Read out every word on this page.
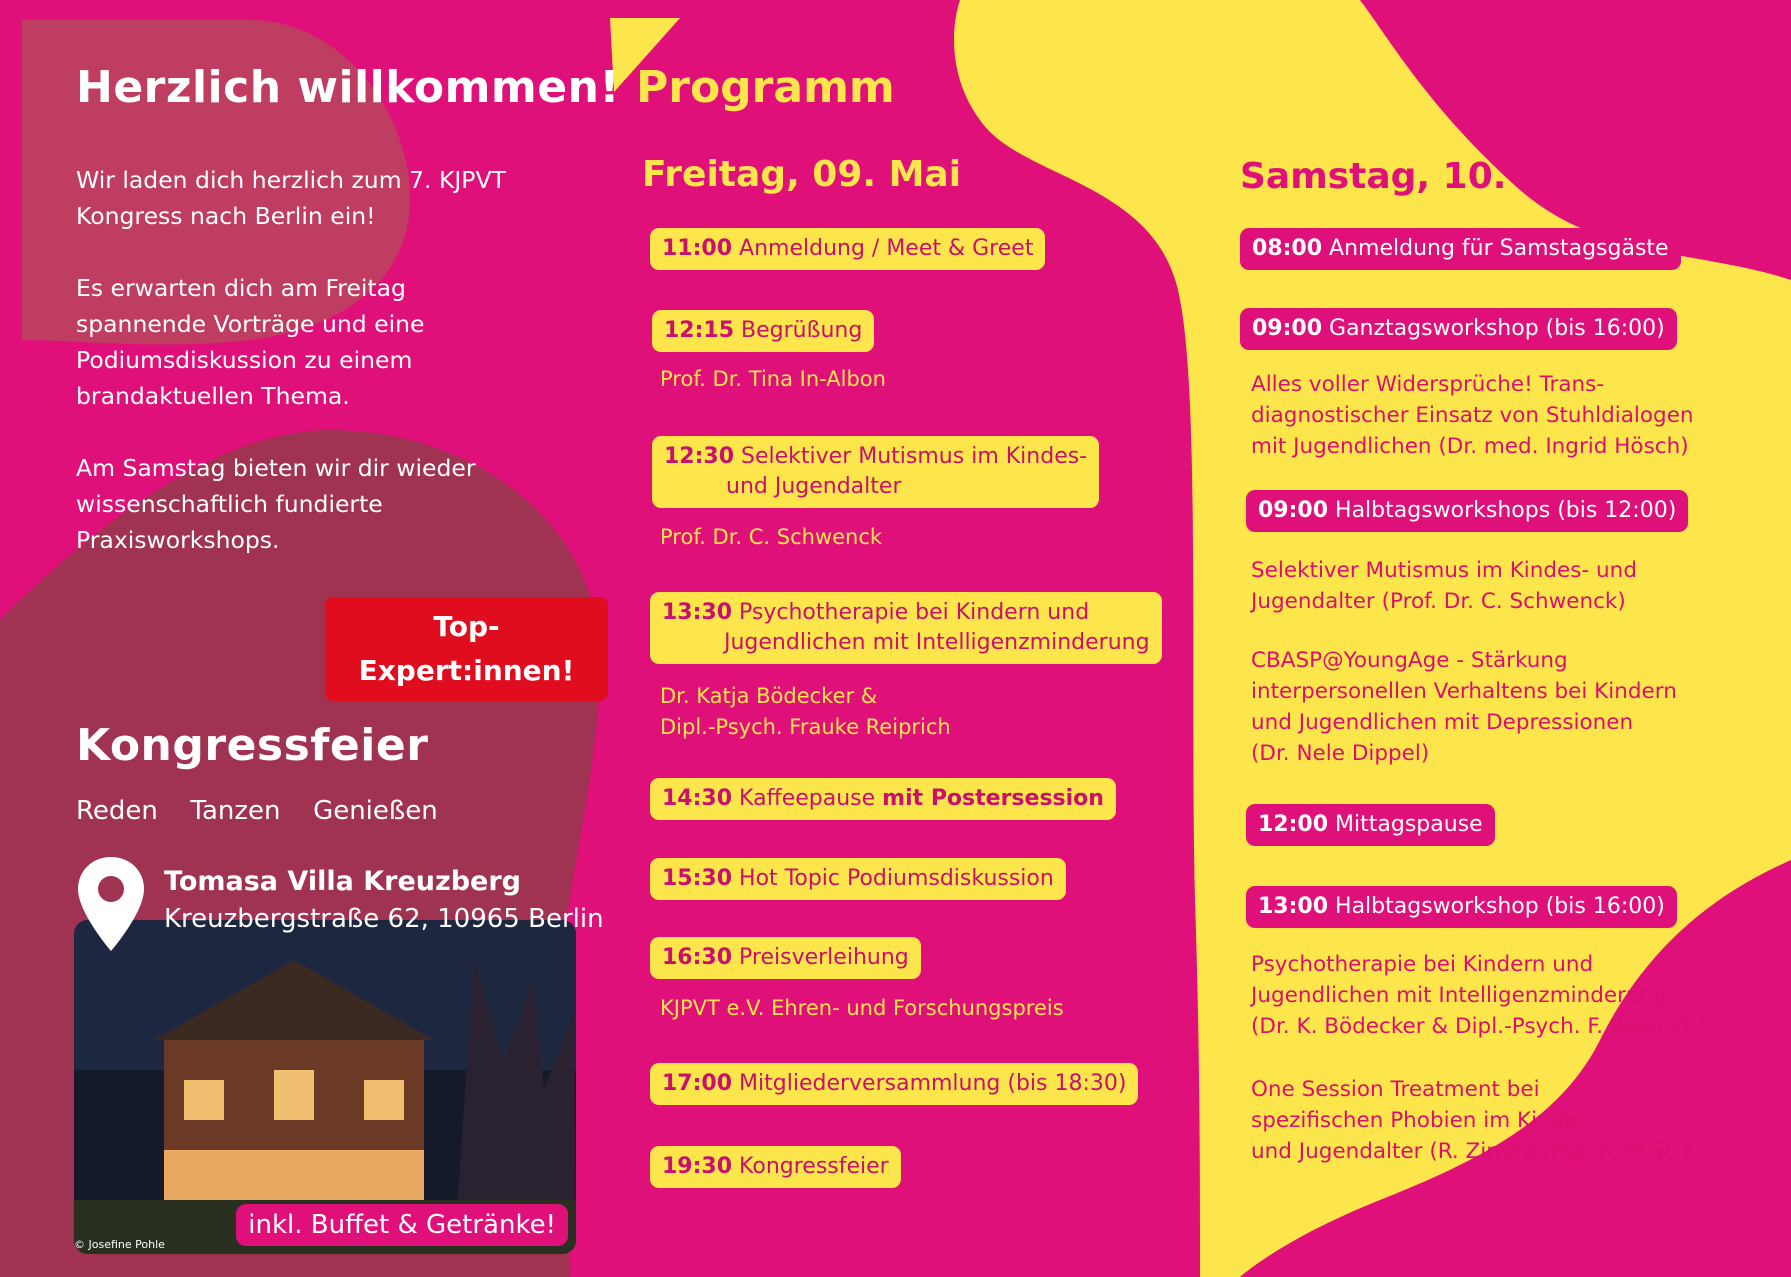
Herzlich willkommen!

Wir laden dich herzlich zum 7. KJPVT Kongress nach Berlin ein!

Es erwarten dich am Freitag spannende Vorträge und eine Podiumsdiskussion zu einem brandaktuellen Thema.

Am Samstag bieten wir dir wieder wissenschaftlich fundierte Praxisworkshops.

Top-
Expert:innen!
Kongressfeier
Reden Tanzen Genießen
inkl. Buffet & Getränke!
© Josefine Pohle
Tomasa Villa Kreuzberg
Kreuzbergstraße 62, 10965 Berlin
Programm
Freitag, 09. Mai
11:00 Anmeldung / Meet & Greet
12:15 Begrüßung
Prof. Dr. Tina In-Albon
12:30 Selektiver Mutismus im Kindes-
und Jugendalter
Prof. Dr. C. Schwenck
13:30 Psychotherapie bei Kindern und
Jugendlichen mit Intelligenzminderung
Dr. Katja Bödecker &
Dipl.-Psych. Frauke Reiprich
14:30 Kaffeepause mit Postersession
15:30 Hot Topic Podiumsdiskussion
16:30 Preisverleihung
KJPVT e.V. Ehren- und Forschungspreis
17:00 Mitgliederversammlung (bis 18:30)
19:30 Kongressfeier
Samstag, 10. Mai
08:00 Anmeldung für Samstagsgäste
09:00 Ganztagsworkshop (bis 16:00)
Alles voller Widersprüche! Trans-
diagnostischer Einsatz von Stuhldialogen
mit Jugendlichen (Dr. med. Ingrid Hösch)
09:00 Halbtagsworkshops (bis 12:00)
Selektiver Mutismus im Kindes- und
Jugendalter (Prof. Dr. C. Schwenck)
CBASP@YoungAge - Stärkung
interpersonellen Verhaltens bei Kindern
und Jugendlichen mit Depressionen
(Dr. Nele Dippel)
12:00 Mittagspause
13:00 Halbtagsworkshop (bis 16:00)
Psychotherapie bei Kindern und
Jugendlichen mit Intelligenzminderung
(Dr. K. Bödecker & Dipl.-Psych. F. Reiprich)
One Session Treatment bei
spezifischen Phobien im Kindes-
und Jugendalter (R. Zimmermann, M.Sc.)
